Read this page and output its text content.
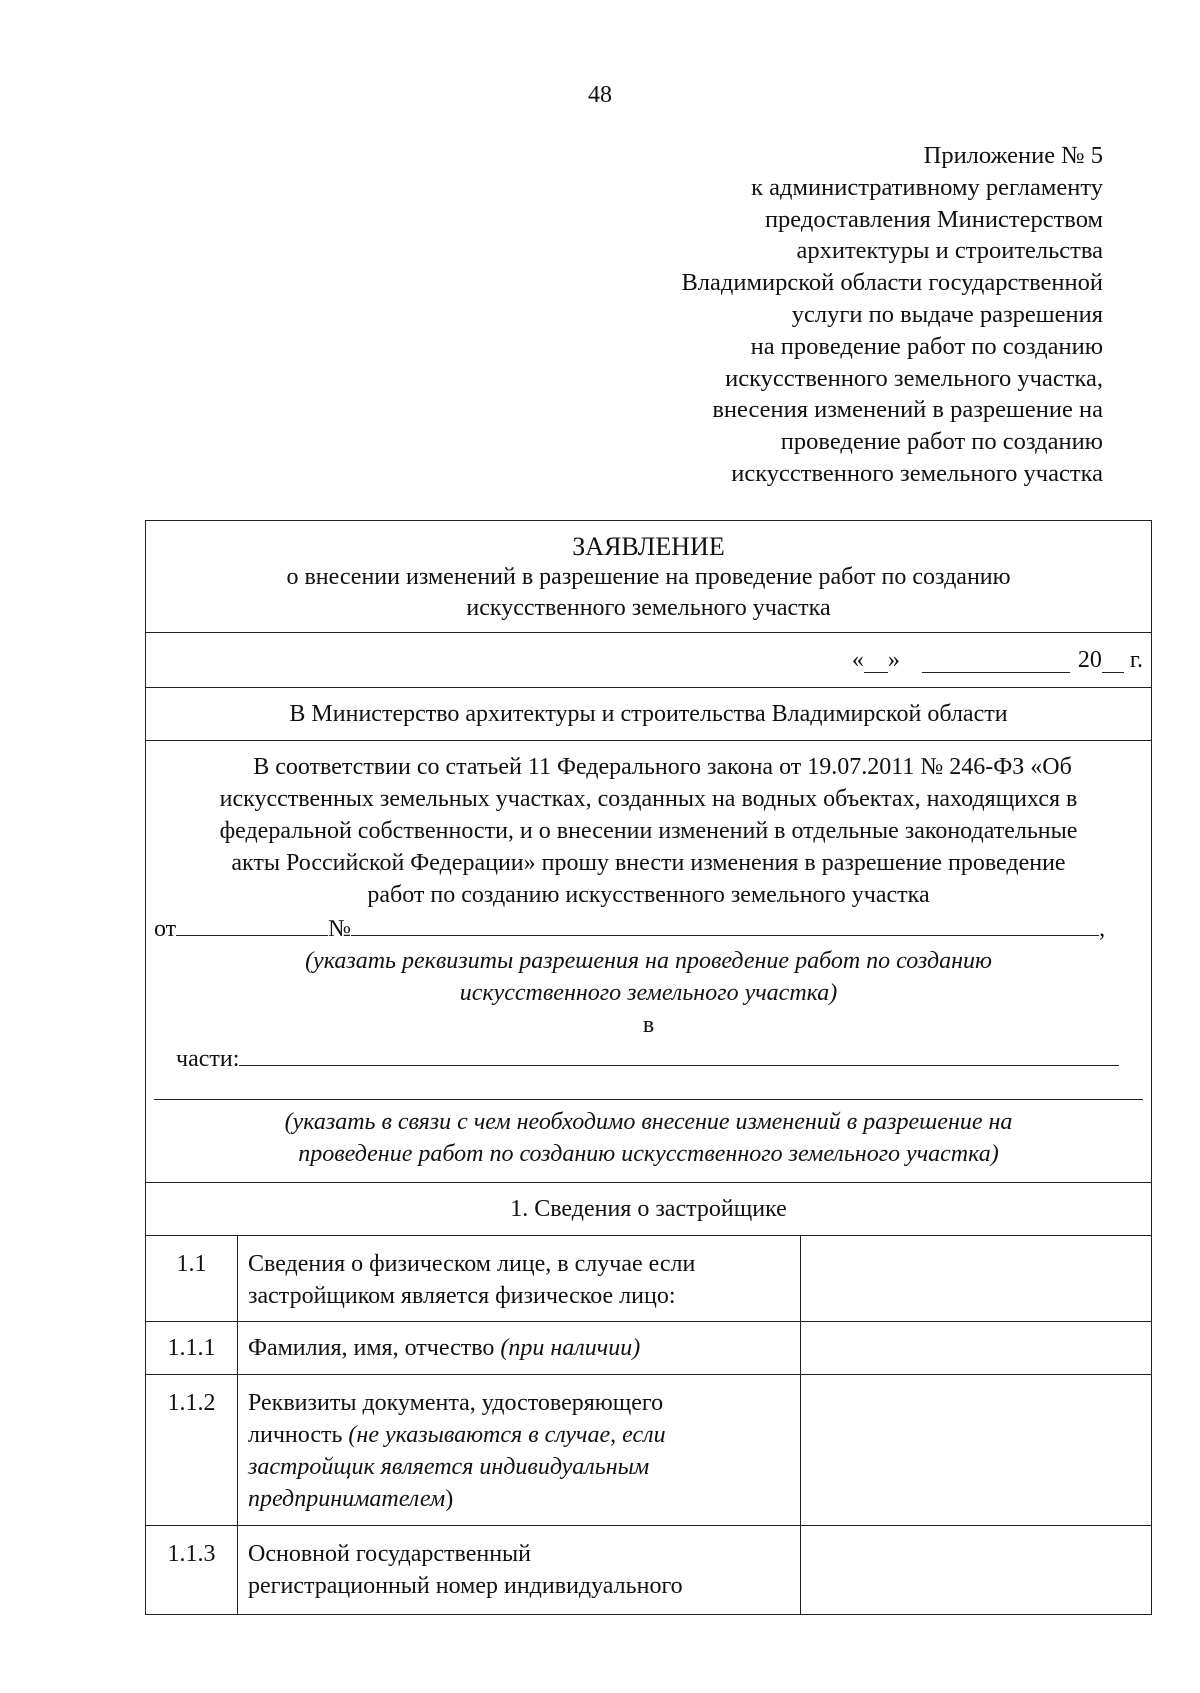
48
Приложение № 5
к административному регламенту
предоставления Министерством
архитектуры и строительства
Владимирской области государственной
услуги по выдаче разрешения
на проведение работ по созданию
искусственного земельного участка,
внесения изменений в разрешение на
проведение работ по созданию
искусственного земельного участка
ЗАЯВЛЕНИЕ
о внесении изменений в разрешение на проведение работ по созданию
искусственного земельного участка
« »	20 г.
В Министерство архитектуры и строительства Владимирской области
В соответствии со статьей 11 Федерального закона от 19.07.2011 № 246-ФЗ «Об
искусственных земельных участках, созданных на водных объектах, находящихся в
федеральной собственности, и о внесении изменений в отдельные законодательные
акты Российской Федерации» прошу внести изменения в разрешение проведение
работ по созданию искусственного земельного участка
от	№	,
(указать реквизиты разрешения на проведение работ по созданию
искусственного земельного участка)
в
части:
(указать в связи с чем необходимо внесение изменений в разрешение на
проведение работ по созданию искусственного земельного участка)
1. Сведения о застройщике
1.1	Сведения о физическом лице, в случае если
застройщиком является физическое лицо:
1.1.1	Фамилия, имя, отчество (при наличии)
1.1.2	Реквизиты документа, удостоверяющего
личность (не указываются в случае, если
застройщик является индивидуальным
предпринимателем)
1.1.3	Основной государственный
регистрационный номер индивидуального
